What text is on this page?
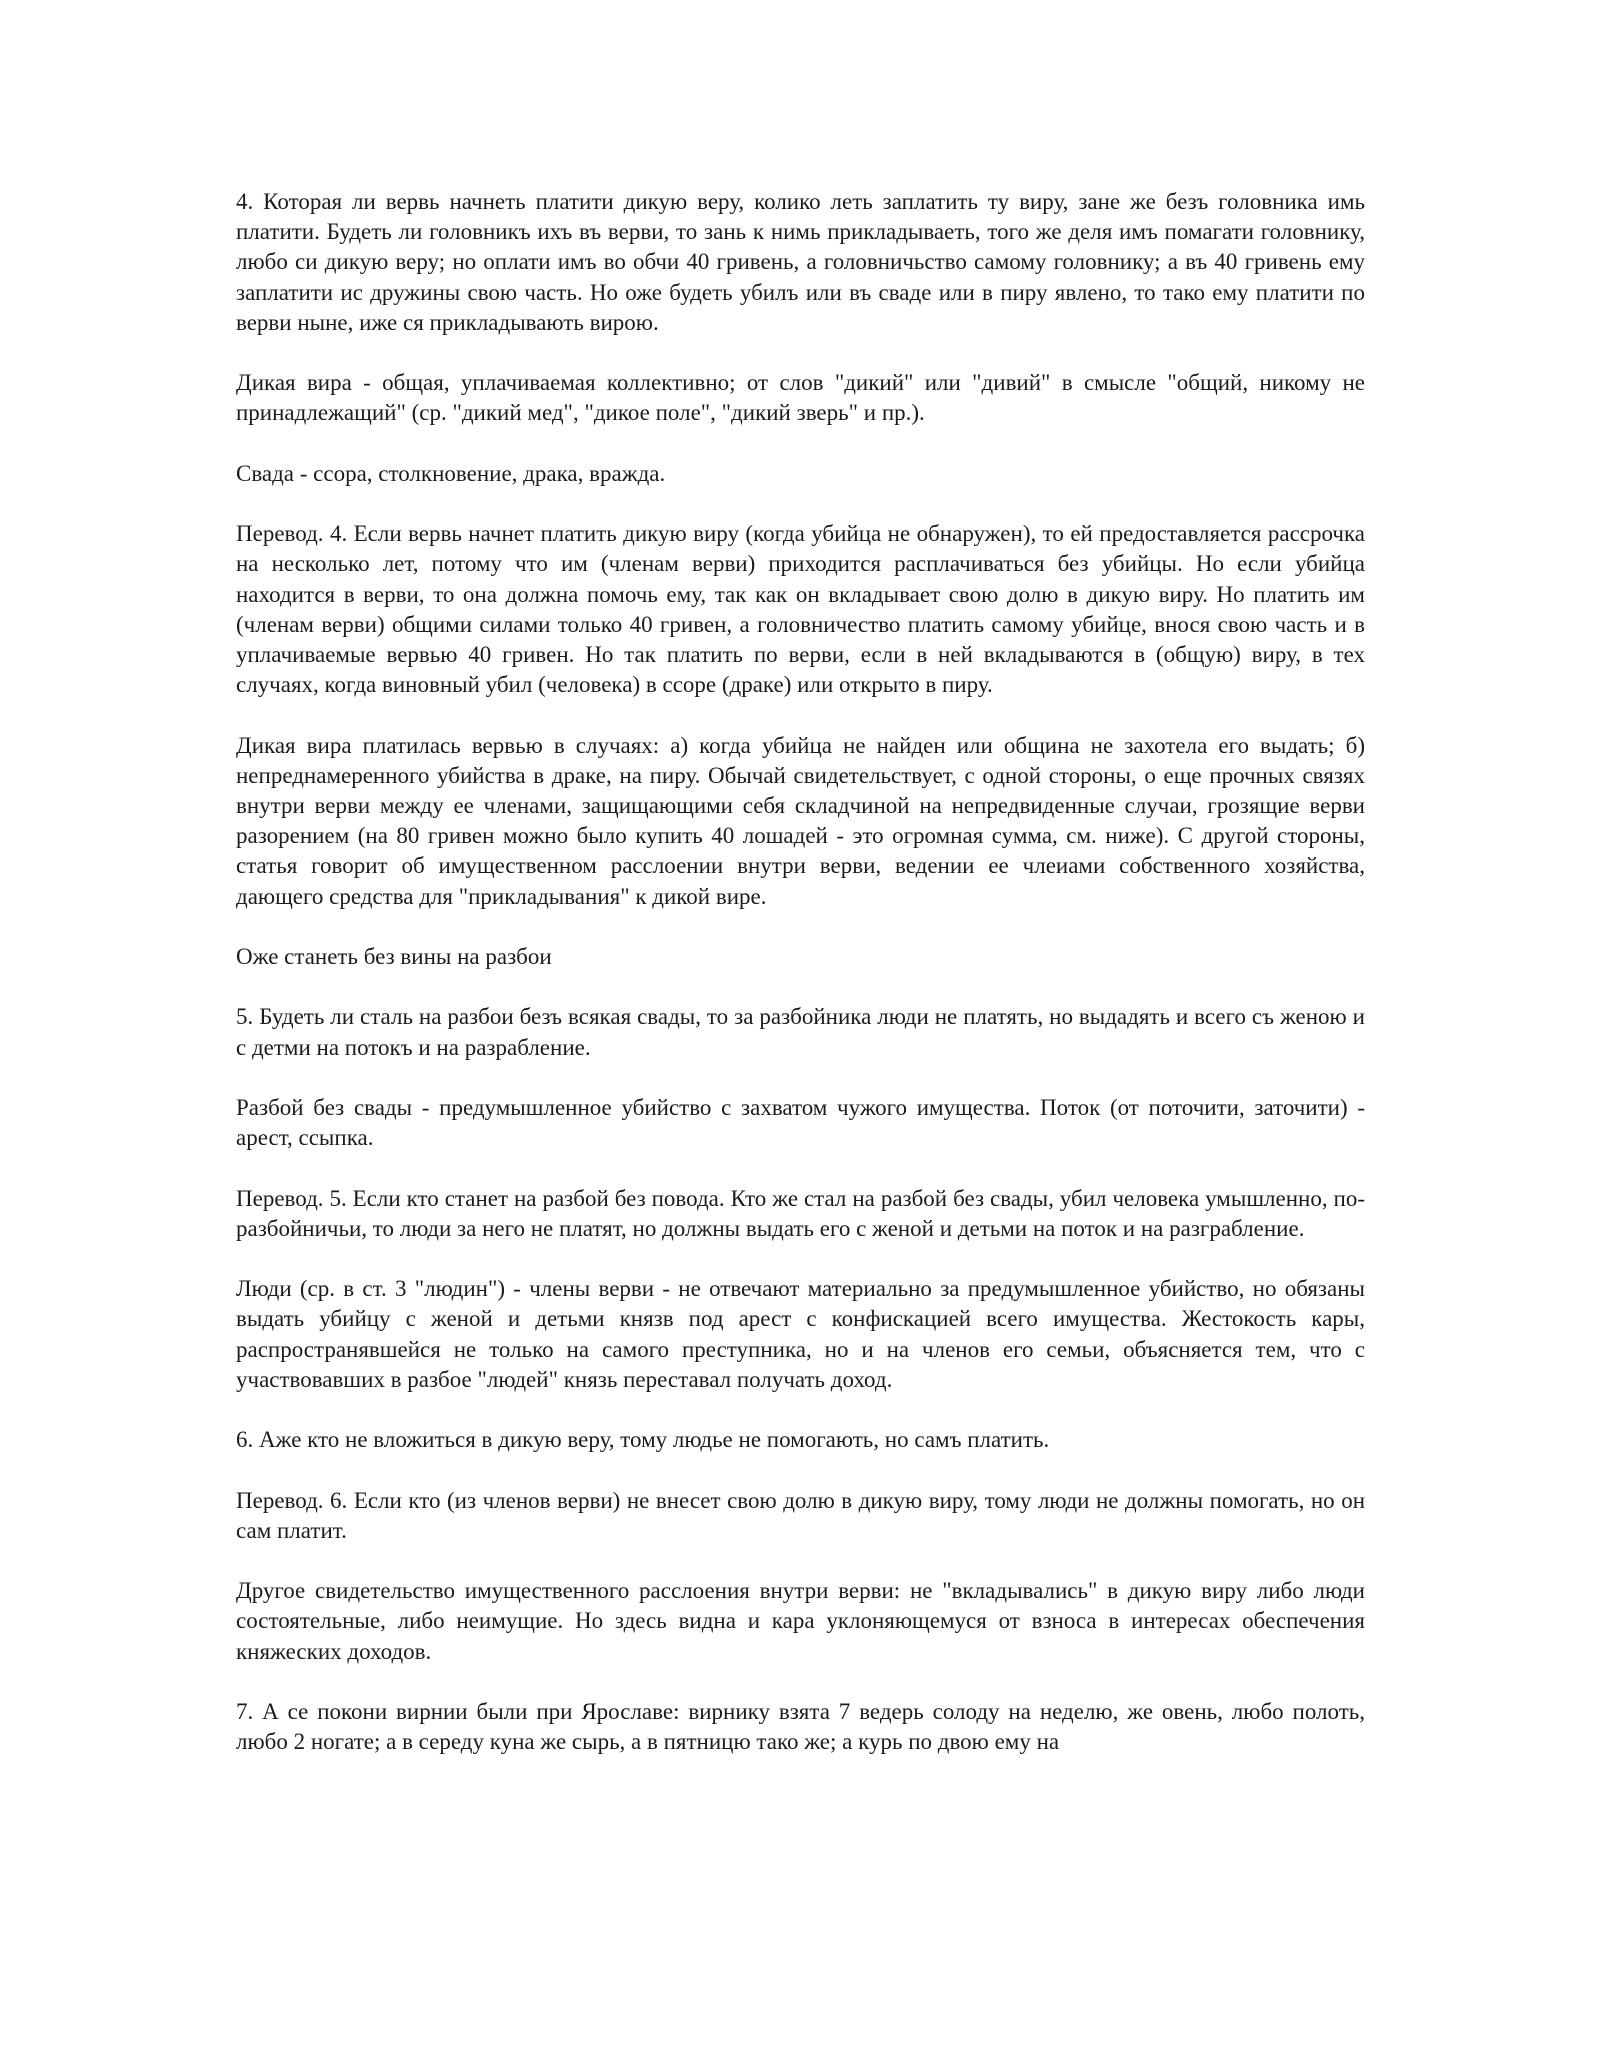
4. Которая ли вервь начнеть платити дикую веру, колико леть заплатить ту виру, зане же безъ головника имь платити. Будеть ли головникъ ихъ въ верви, то зань к нимь прикладываеть, того же деля имъ помагати головнику, любо си дикую веру; но оплати имъ во обчи 40 гривень, а головничьство самому головнику; а въ 40 гривень ему заплатити ис дружины свою часть. Но оже будеть убилъ или въ сваде или в пиру явлено, то тако ему платити по верви ныне, иже ся прикладывають вирою.

Дикая вира - общая, уплачиваемая коллективно; от слов "дикий" или "дивий" в смысле "общий, никому не принадлежащий" (ср. "дикий мед", "дикое поле", "дикий зверь" и пр.).

Свада - ссора, столкновение, драка, вражда.

Перевод. 4. Если вервь начнет платить дикую виру (когда убийца не обнаружен), то ей предоставляется рассрочка на несколько лет, потому что им (членам верви) приходится расплачиваться без убийцы. Но если убийца находится в верви, то она должна помочь ему, так как он вкладывает свою долю в дикую виру. Но платить им (членам верви) общими силами только 40 гривен, а головничество платить самому убийце, внося свою часть и в уплачиваемые вервью 40 гривен. Но так платить по верви, если в ней вкладываются в (общую) виру, в тех случаях, когда виновный убил (человека) в ссоре (драке) или открыто в пиру.

Дикая вира платилась вервью в случаях: а) когда убийца не найден или община не захотела его выдать; б) непреднамеренного убийства в драке, на пиру. Обычай свидетельствует, с одной стороны, о еще прочных связях внутри верви между ее членами, защищающими себя складчиной на непредвиденные случаи, грозящие верви разорением (на 80 гривен можно было купить 40 лошадей - это огромная сумма, см. ниже). С другой стороны, статья говорит об имущественном расслоении внутри верви, ведении ее члеиами собственного хозяйства, дающего средства для "прикладывания" к дикой вире.

Оже станеть без вины на разбои

5. Будеть ли сталь на разбои безъ всякая свады, то за разбойника люди не платять, но выдадять и всего съ женою и с детми на потокъ и на разрабление.

Разбой без свады - предумышленное убийство с захватом чужого имущества. Поток (от поточити, заточити) - арест, ссыпка.

Перевод. 5. Если кто станет на разбой без повода. Кто же стал на разбой без свады, убил человека умышленно, по-разбойничьи, то люди за него не платят, но должны выдать его с женой и детьми на поток и на разграбление.

Люди (ср. в ст. 3 "людин") - члены верви - не отвечают материально за предумышленное убийство, но обязаны выдать убийцу с женой и детьми князв под арест с конфискацией всего имущества. Жестокость кары, распространявшейся не только на самого преступника, но и на членов его семьи, объясняется тем, что с участвовавших в разбое "людей" князь переставал получать доход.

6. Аже кто не вложиться в дикую веру, тому людье не помогають, но самъ платить.

Перевод. 6. Если кто (из членов верви) не внесет свою долю в дикую виру, тому люди не должны помогать, но он сам платит.

Другое свидетельство имущественного расслоения внутри верви: не "вкладывались" в дикую виру либо люди состоятельные, либо неимущие. Но здесь видна и кара уклоняющемуся от взноса в интересах обеспечения княжеских доходов.

7. А се покони вирнии были при Ярославе: вирнику взята 7 ведерь солоду на неделю, же овень, любо полоть, любо 2 ногате; а в середу куна же сырь, а в пятницю тако же; а курь по двою ему на
